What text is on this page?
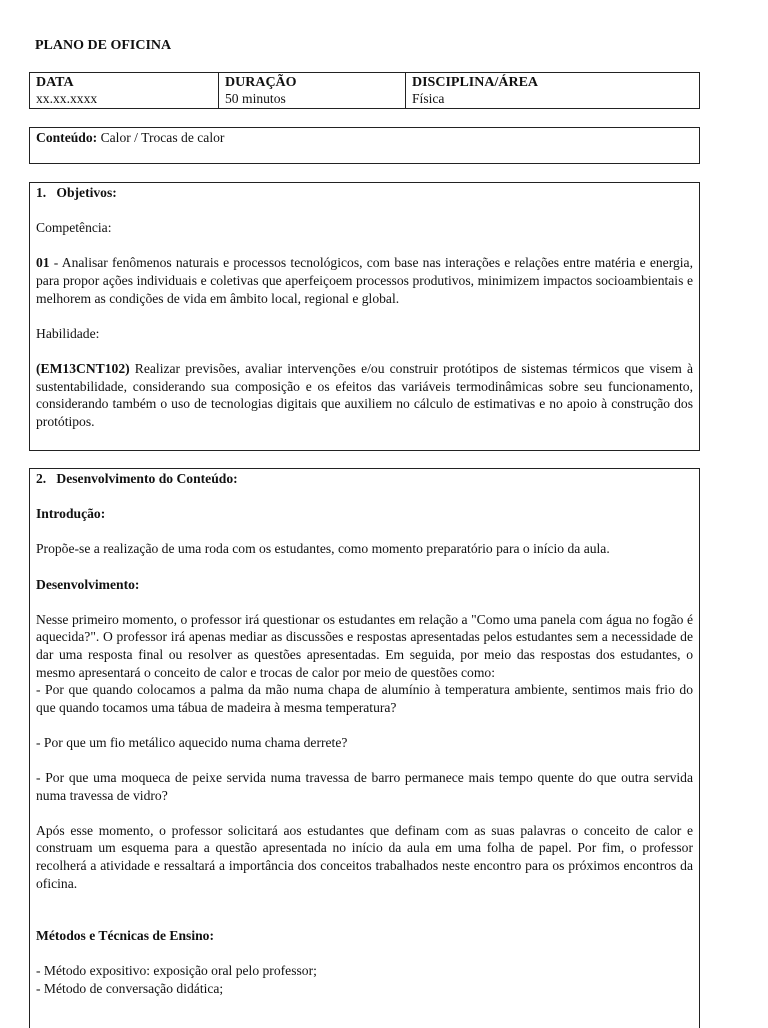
PLANO DE OFICINA
DATA
xx.xx.xxxx
DURAÇÃO
50 minutos
DISCIPLINA/ÁREA
Física
Conteúdo: Calor / Trocas de calor

1.   Objetivos:

Competência:

01 - Analisar fenômenos naturais e processos tecnológicos, com base nas interações e relações entre matéria e energia, para propor ações individuais e coletivas que aperfeiçoem processos produtivos, minimizem impactos socioambientais e melhorem as condições de vida em âmbito local, regional e global.

Habilidade:

(EM13CNT102) Realizar previsões, avaliar intervenções e/ou construir protótipos de sistemas térmicos que visem à sustentabilidade, considerando sua composição e os efeitos das variáveis termodinâmicas sobre seu funcionamento, considerando também o uso de tecnologias digitais que auxiliem no cálculo de estimativas e no apoio à construção dos protótipos.

2.   Desenvolvimento do Conteúdo:

Introdução:

Propõe-se a realização de uma roda com os estudantes, como momento preparatório para o início da aula.

Desenvolvimento:

Nesse primeiro momento, o professor irá questionar os estudantes em relação a "Como uma panela com água no fogão é aquecida?". O professor irá apenas mediar as discussões e respostas apresentadas pelos estudantes sem a necessidade de dar uma resposta final ou resolver as questões apresentadas. Em seguida, por meio das respostas dos estudantes, o mesmo apresentará o conceito de calor e trocas de calor por meio de questões como:

- Por que quando colocamos a palma da mão numa chapa de alumínio à temperatura ambiente, sentimos mais frio do que quando tocamos uma tábua de madeira à mesma temperatura?

- Por que um fio metálico aquecido numa chama derrete?

- Por que uma moqueca de peixe servida numa travessa de barro permanece mais tempo quente do que outra servida numa travessa de vidro?

Após esse momento, o professor solicitará aos estudantes que definam com as suas palavras o conceito de calor e construam um esquema para a questão apresentada no início da aula em uma folha de papel. Por fim, o professor recolherá a atividade e ressaltará a importância dos conceitos trabalhados neste encontro para os próximos encontros da oficina.

Métodos e Técnicas de Ensino:

- Método expositivo: exposição oral pelo professor;

- Método de conversação didática;
